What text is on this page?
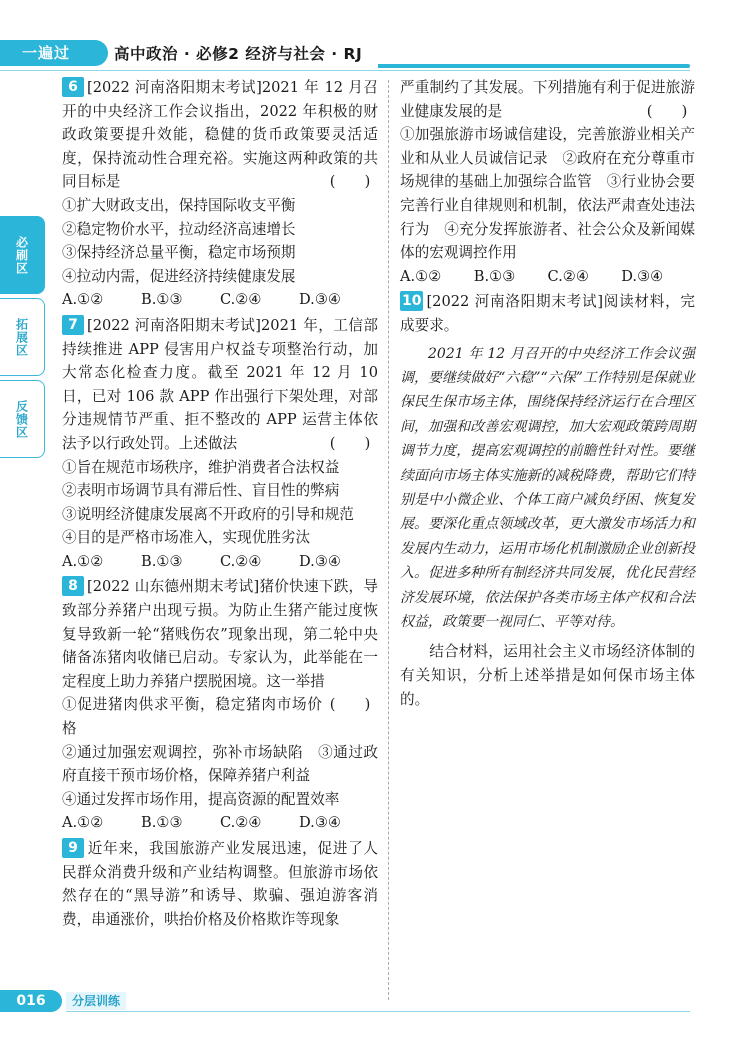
一遍过	高中政治 · 必修2 经济与社会 · RJ
必刷区
拓展区
反馈区

6 [2022 河南洛阳期末考试]2021 年 12 月召开的中央经济工作会议指出，2022 年积极的财政政策要提升效能，稳健的货币政策要灵活适度，保持流动性合理充裕。实施这两种政策的共同目标是	(　　)

①扩大财政支出，保持国际收支平衡

②稳定物价水平，拉动经济高速增长

③保持经济总量平衡，稳定市场预期

④拉动内需，促进经济持续健康发展

A.①②	B.①③	C.②④	D.③④

7 [2022 河南洛阳期末考试]2021 年，工信部持续推进 APP 侵害用户权益专项整治行动，加大常态化检查力度。截至 2021 年 12 月 10 日，已对 106 款 APP 作出强行下架处理，对部分违规情节严重、拒不整改的 APP 运营主体依法予以行政处罚。上述做法	(　　)

①旨在规范市场秩序，维护消费者合法权益

②表明市场调节具有滞后性、盲目性的弊病

③说明经济健康发展离不开政府的引导和规范

④目的是严格市场准入，实现优胜劣汰

A.①②	B.①③	C.②④	D.③④

8 [2022 山东德州期末考试]猪价快速下跌，导致部分养猪户出现亏损。为防止生猪产能过度恢复导致新一轮“猪贱伤农”现象出现，第二轮中央储备冻猪肉收储已启动。专家认为，此举能在一定程度上助力养猪户摆脱困境。这一举措
(　　)

①促进猪肉供求平衡，稳定猪肉市场价格

②通过加强宏观调控，弥补市场缺陷　③通过政府直接干预市场价格，保障养猪户利益

④通过发挥市场作用，提高资源的配置效率

A.①②	B.①③	C.②④	D.③④

9 近年来，我国旅游产业发展迅速，促进了人民群众消费升级和产业结构调整。但旅游市场依然存在的“黑导游”和诱导、欺骗、强迫游客消费，串通涨价，哄抬价格及价格欺诈等现象

严重制约了其发展。下列措施有利于促进旅游业健康发展的是	(　　)

①加强旅游市场诚信建设，完善旅游业相关产业和从业人员诚信记录　②政府在充分尊重市场规律的基础上加强综合监管　③行业协会要完善行业自律规则和机制，依法严肃查处违法行为　④充分发挥旅游者、社会公众及新闻媒体的宏观调控作用

A.①②	B.①③	C.②④	D.③④

10 [2022 河南洛阳期末考试]阅读材料，完成要求。

2021 年 12 月召开的中央经济工作会议强调，要继续做好“六稳”“六保”工作特别是保就业保民生保市场主体，围绕保持经济运行在合理区间，加强和改善宏观调控，加大宏观政策跨周期调节力度，提高宏观调控的前瞻性针对性。要继续面向市场主体实施新的减税降费，帮助它们特别是中小微企业、个体工商户减负纾困、恢复发展。要深化重点领域改革，更大激发市场活力和发展内生动力，运用市场化机制激励企业创新投入。促进多种所有制经济共同发展，优化民营经济发展环境，依法保护各类市场主体产权和合法权益，政策要一视同仁、平等对待。

结合材料，运用社会主义市场经济体制的有关知识，分析上述举措是如何保市场主体的。

016	分层训练
